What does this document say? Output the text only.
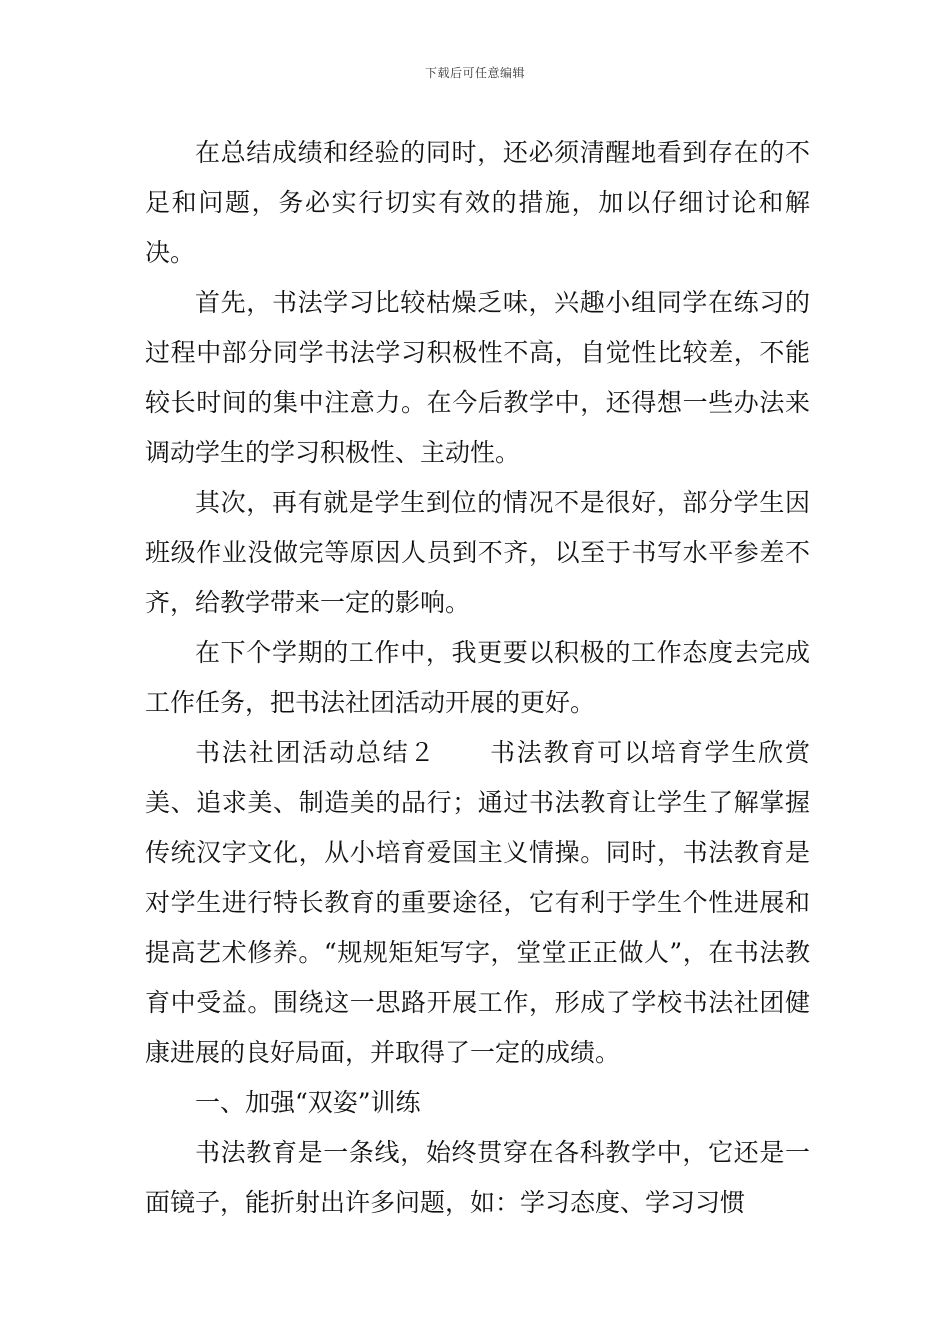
下载后可任意编辑

在总结成绩和经验的同时，还必须清醒地看到存在的不足和问题，务必实行切实有效的措施，加以仔细讨论和解决。

首先，书法学习比较枯燥乏味，兴趣小组同学在练习的过程中部分同学书法学习积极性不高，自觉性比较差，不能较长时间的集中注意力。在今后教学中，还得想一些办法来调动学生的学习积极性、主动性。

其次，再有就是学生到位的情况不是很好，部分学生因班级作业没做完等原因人员到不齐，以至于书写水平参差不齐，给教学带来一定的影响。

在下个学期的工作中，我更要以积极的工作态度去完成工作任务，把书法社团活动开展的更好。

书法社团活动总结２　　书法教育可以培育学生欣赏美、追求美、制造美的品行；通过书法教育让学生了解掌握传统汉字文化，从小培育爱国主义情操。同时，书法教育是对学生进行特长教育的重要途径，它有利于学生个性进展和提高艺术修养。“规规矩矩写字，堂堂正正做人”，在书法教育中受益。围绕这一思路开展工作，形成了学校书法社团健康进展的良好局面，并取得了一定的成绩。

一、加强“双姿”训练

书法教育是一条线，始终贯穿在各科教学中，它还是一面镜子，能折射出许多问题，如：学习态度、学习习惯
